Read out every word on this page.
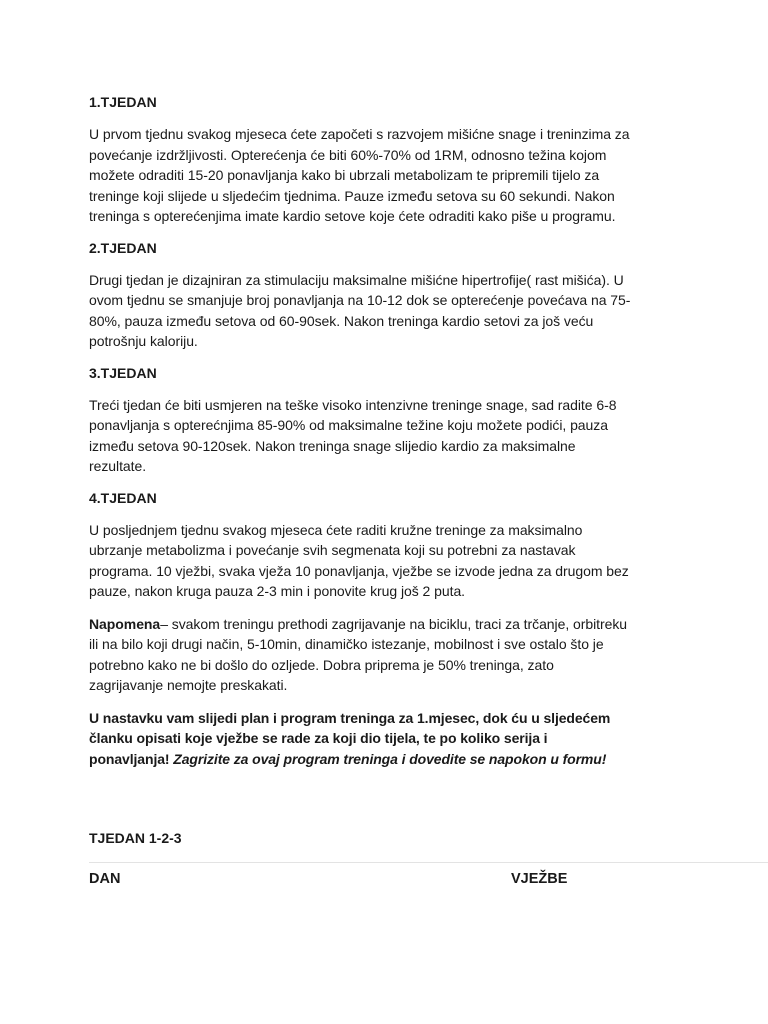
1.TJEDAN
U prvom tjednu svakog mjeseca ćete započeti s razvojem mišićne snage i treninzima za
povećanje izdržljivosti. Opterećenja će biti 60%-70% od 1RM, odnosno težina kojom
možete odraditi 15-20 ponavljanja kako bi ubrzali metabolizam te pripremili tijelo za
treninge koji slijede u sljedećim tjednima. Pauze između setova su 60 sekundi. Nakon
treninga s opterećenjima imate kardio setove koje ćete odraditi kako piše u programu.
2.TJEDAN
Drugi tjedan je dizajniran za stimulaciju maksimalne mišićne hipertrofije( rast mišića). U
ovom tjednu se smanjuje broj ponavljanja na 10-12 dok se opterećenje povećava na 75-
80%, pauza između setova od 60-90sek. Nakon treninga kardio setovi za još veću
potrošnju kaloriju.
3.TJEDAN
Treći tjedan će biti usmjeren na teške visoko intenzivne treninge snage, sad radite 6-8
ponavljanja s opterećnjima 85-90% od maksimalne težine koju možete podići, pauza
između setova 90-120sek. Nakon treninga snage slijedio kardio za maksimalne
rezultate.
4.TJEDAN
U posljednjem tjednu svakog mjeseca ćete raditi kružne treninge za maksimalno
ubrzanje metabolizma i povećanje svih segmenata koji su potrebni za nastavak
programa. 10 vježbi, svaka vježa 10 ponavljanja, vježbe se izvode jedna za drugom bez
pauze, nakon kruga pauza 2-3 min i ponovite krug još 2 puta.
Napomena– svakom treningu prethodi zagrijavanje na biciklu, traci za trčanje, orbitreku
ili na bilo koji drugi način, 5-10min, dinamičko istezanje, mobilnost i sve ostalo što je
potrebno kako ne bi došlo do ozljede. Dobra priprema je 50% treninga, zato
zagrijavanje nemojte preskakati.
U nastavku vam slijedi plan i program treninga za 1.mjesec, dok ću u sljedećem
članku opisati koje vježbe se rade za koji dio tijela, te po koliko serija i
ponavljanja! Zagrizite za ovaj program treninga i dovedite se napokon u formu!
TJEDAN 1-2-3
DAN	VJEŽBE
